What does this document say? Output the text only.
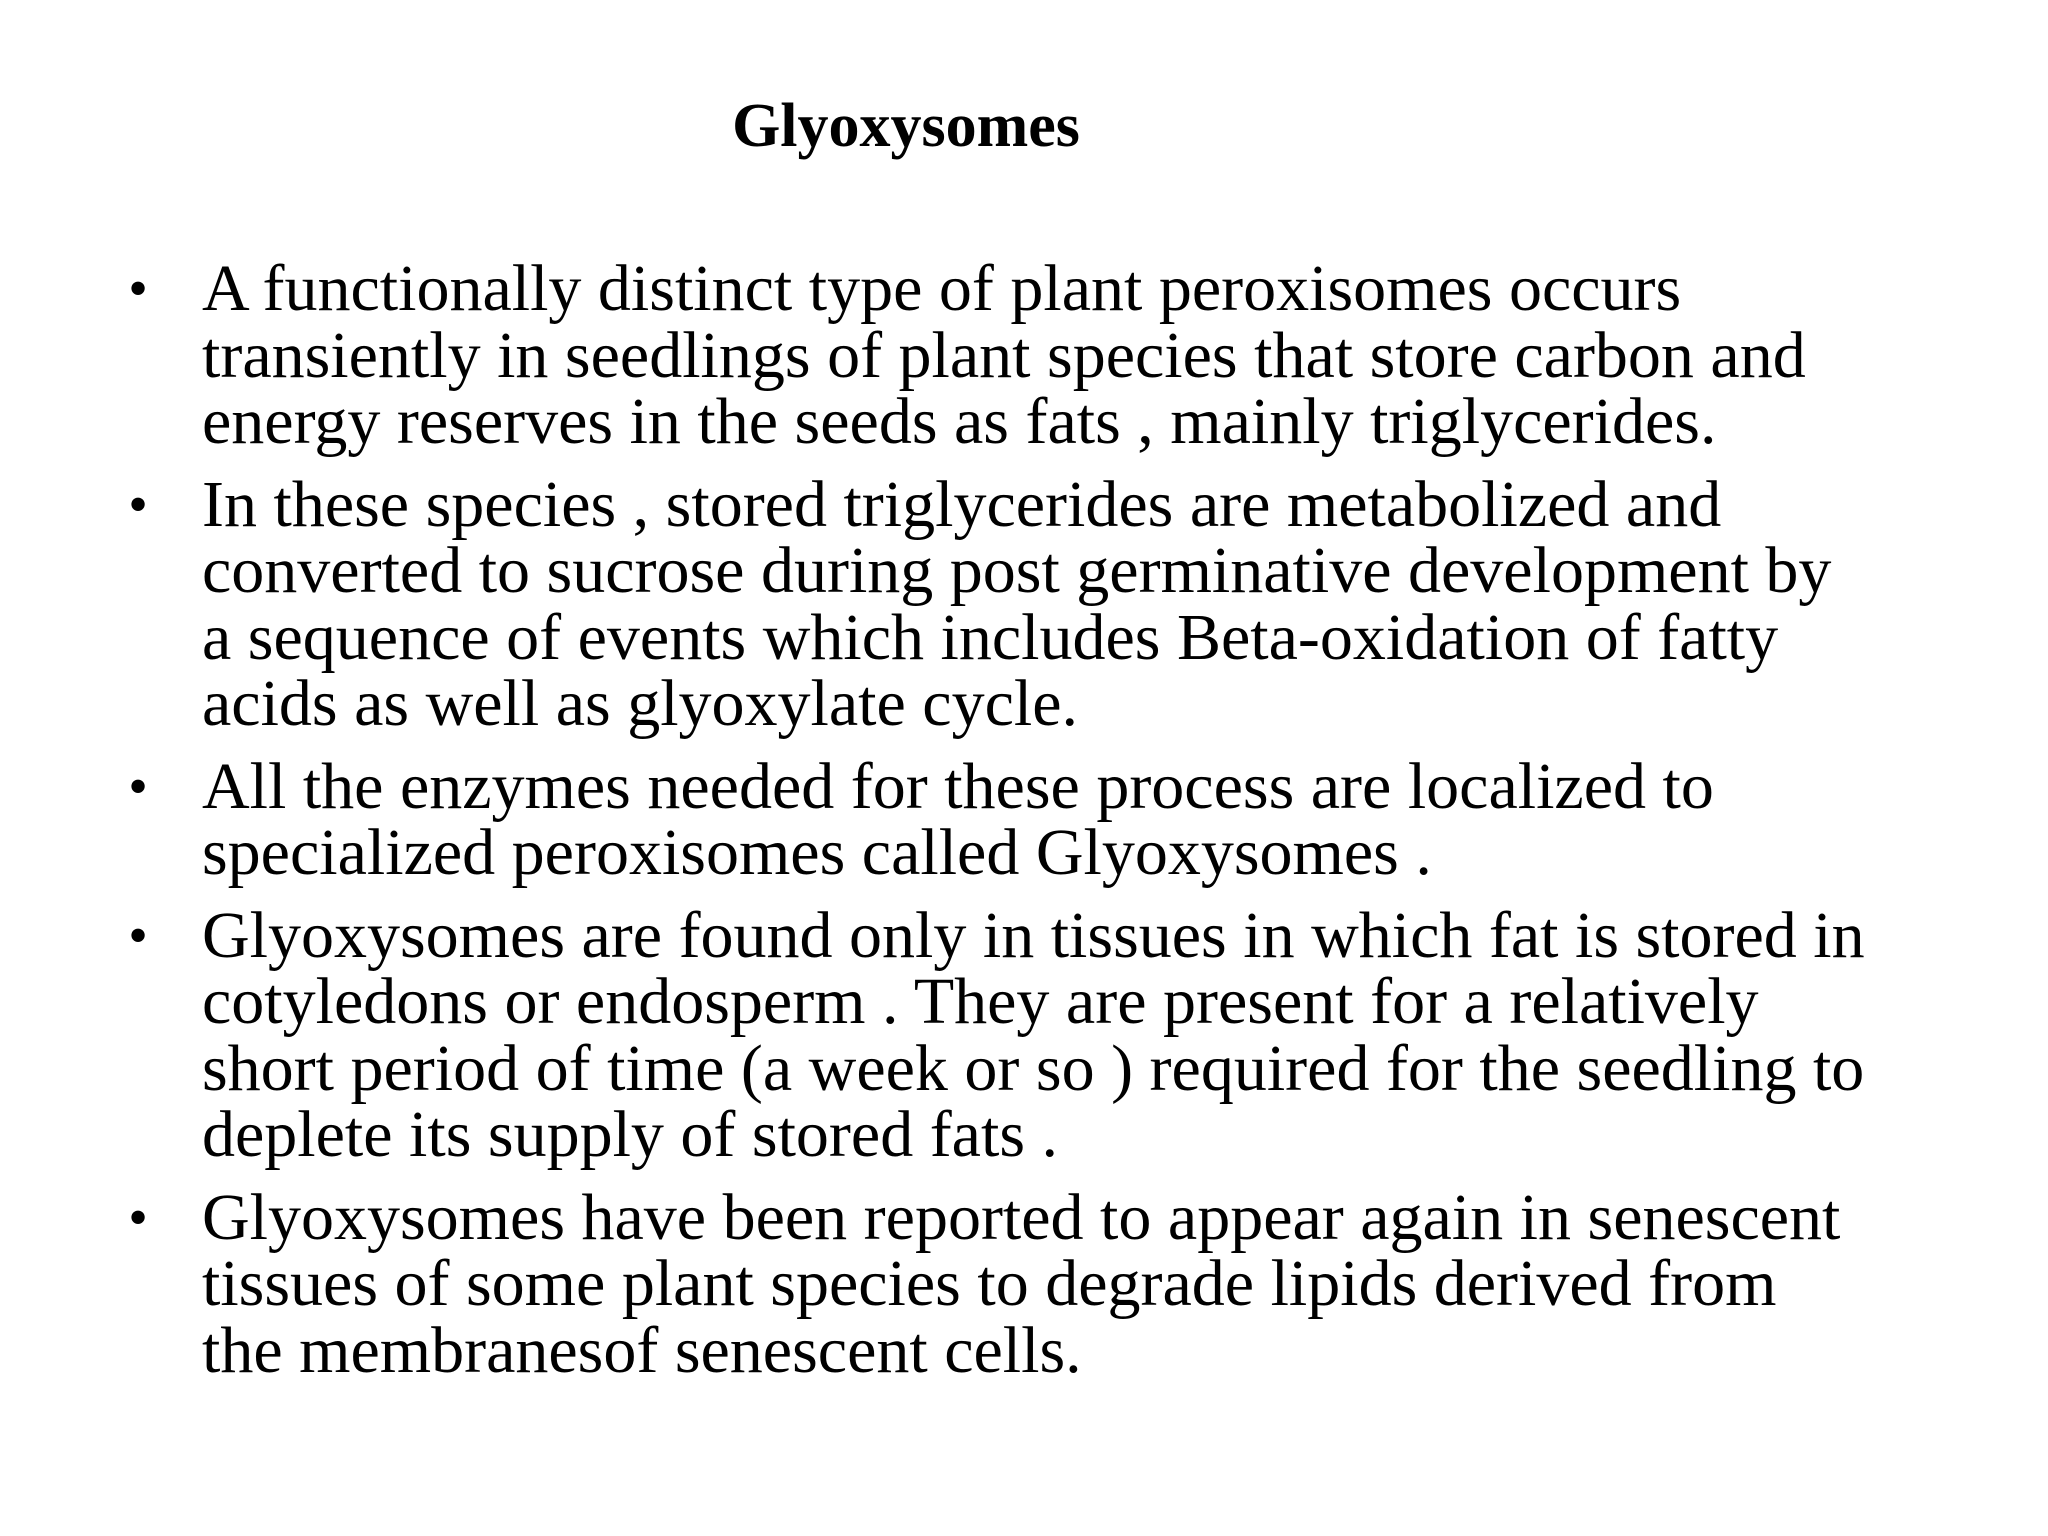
Glyoxysomes
• A functionally distinct type of plant peroxisomes occurs
transiently in seedlings of plant species that store carbon and
energy reserves in the seeds as fats , mainly triglycerides.
• In these species , stored triglycerides are metabolized and
converted to sucrose during post germinative development by
a sequence of events which includes Beta-oxidation of fatty
acids as well as glyoxylate cycle.
• All the enzymes needed for these process are localized to
specialized peroxisomes called Glyoxysomes .
• Glyoxysomes are found only in tissues in which fat is stored in
cotyledons or endosperm . They are present for a relatively
short period of time (a week or so ) required for the seedling to
deplete its supply of stored fats .
• Glyoxysomes have been reported to appear again in senescent
tissues of some plant species to degrade lipids derived from
the membranesof senescent cells.
